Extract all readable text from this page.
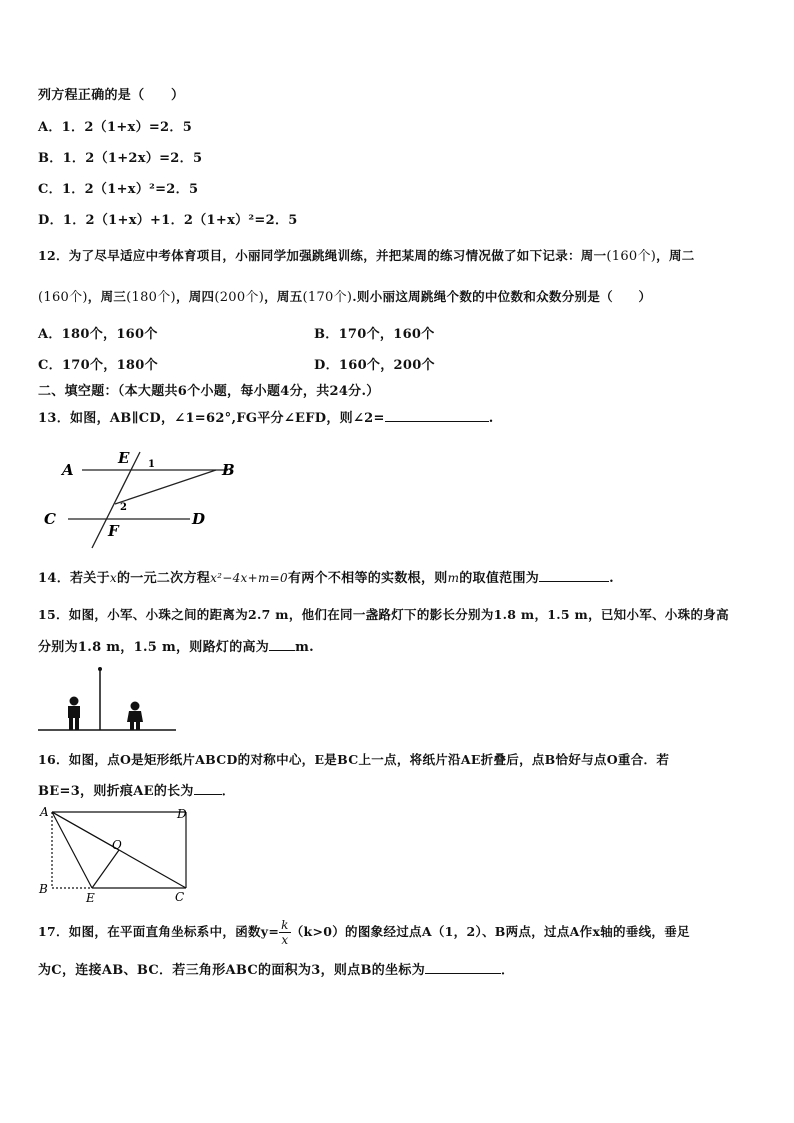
列方程正确的是（　　）
A．1．2（1+x）=2．5
B．1．2（1+2x）=2．5
C．1．2（1+x）²=2．5
D．1．2（1+x）+1．2（1+x）²=2．5
12．为了尽早适应中考体育项目，小丽同学加强跳绳训练，并把某周的练习情况做了如下记录：周一(160个)，周二
(160个)，周三(180个)，周四(200个)，周五(170个).则小丽这周跳绳个数的中位数和众数分别是（　　）
A．180个，160个	B．170个，160个
C．170个，180个	D．160个，200个
二、填空题：（本大题共6个小题，每小题4分，共24分.）
13．如图，AB∥CD，∠1=62°,FG平分∠EFD，则∠2=	.
A	B
C	D
E
F
1
2
14．若关于x的一元二次方程x²−4x+m=0有两个不相等的实数根，则m的取值范围为	.
15．如图，小军、小珠之间的距离为2.7 m，他们在同一盏路灯下的影长分别为1.8 m，1.5 m，已知小军、小珠的身高
分别为1.8 m，1.5 m，则路灯的高为 m.
16．如图，点O是矩形纸片ABCD的对称中心，E是BC上一点，将纸片沿AE折叠后，点B恰好与点O重合．若
BE=3，则折痕AE的长为 ．
A	D
B
E	C
O
17．如图，在平面直角坐标系中，函数$y= \frac{k}{x} (k>0)$的图象经过点A（1，2）、B两点，过点A作x轴的垂线，垂足
为C，连接AB、BC．若三角形ABC的面积为3，则点B的坐标为	．
